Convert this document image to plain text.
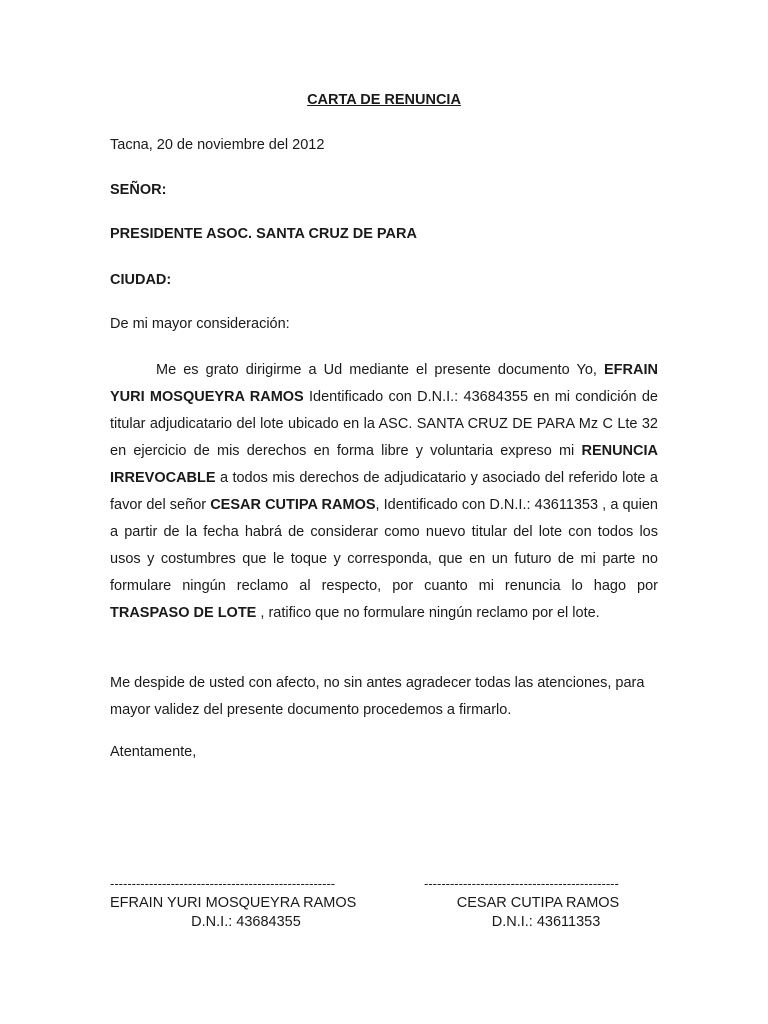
CARTA DE RENUNCIA
Tacna, 20 de noviembre del 2012
SEÑOR:
PRESIDENTE ASOC. SANTA CRUZ DE PARA
CIUDAD:
De mi mayor consideración:
Me es grato dirigirme a Ud mediante el presente documento Yo, EFRAIN YURI MOSQUEYRA RAMOS Identificado con D.N.I.: 43684355 en mi condición de titular adjudicatario del lote ubicado en la ASC. SANTA CRUZ DE PARA Mz C Lte 32 en ejercicio de mis derechos en forma libre y voluntaria expreso mi RENUNCIA IRREVOCABLE a todos mis derechos de adjudicatario y asociado del referido lote a favor del señor CESAR CUTIPA RAMOS, Identificado con D.N.I.: 43611353 , a quien a partir de la fecha habrá de considerar como nuevo titular del lote con todos los usos y costumbres que le toque y corresponda, que en un futuro de mi parte no formulare ningún reclamo al respecto, por cuanto mi renuncia lo hago por TRASPASO DE LOTE , ratifico que no formulare ningún reclamo por el lote.
Me despide de usted con afecto, no sin antes agradecer todas las atenciones, para mayor validez del presente documento procedemos a firmarlo.
Atentamente,
----------------------------------------------------
EFRAIN YURI MOSQUEYRA RAMOS
D.N.I.: 43684355
---------------------------------------------
CESAR CUTIPA RAMOS
D.N.I.: 43611353
